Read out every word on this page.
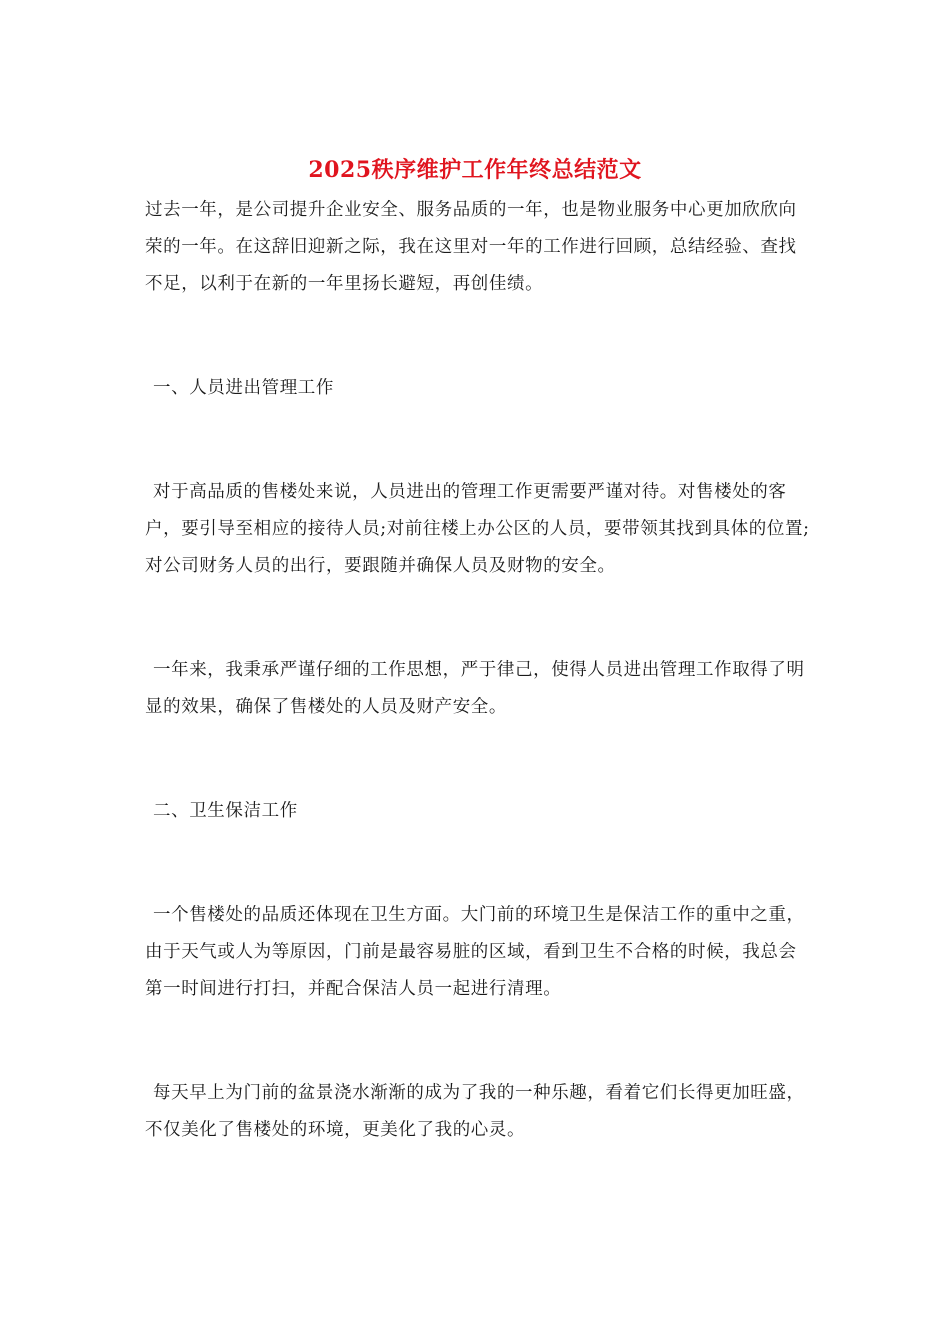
2025秩序维护工作年终总结范文

过去一年，是公司提升企业安全、服务品质的一年，也是物业服务中心更加欣欣向荣的一年。在这辞旧迎新之际，我在这里对一年的工作进行回顾，总结经验、查找不足，以利于在新的一年里扬长避短，再创佳绩。

一、人员进出管理工作

对于高品质的售楼处来说，人员进出的管理工作更需要严谨对待。对售楼处的客户，要引导至相应的接待人员;对前往楼上办公区的人员，要带领其找到具体的位置;对公司财务人员的出行，要跟随并确保人员及财物的安全。

一年来，我秉承严谨仔细的工作思想，严于律己，使得人员进出管理工作取得了明显的效果，确保了售楼处的人员及财产安全。

二、卫生保洁工作

一个售楼处的品质还体现在卫生方面。大门前的环境卫生是保洁工作的重中之重，由于天气或人为等原因，门前是最容易脏的区域，看到卫生不合格的时候，我总会第一时间进行打扫，并配合保洁人员一起进行清理。

每天早上为门前的盆景浇水渐渐的成为了我的一种乐趣，看着它们长得更加旺盛，不仅美化了售楼处的环境，更美化了我的心灵。
